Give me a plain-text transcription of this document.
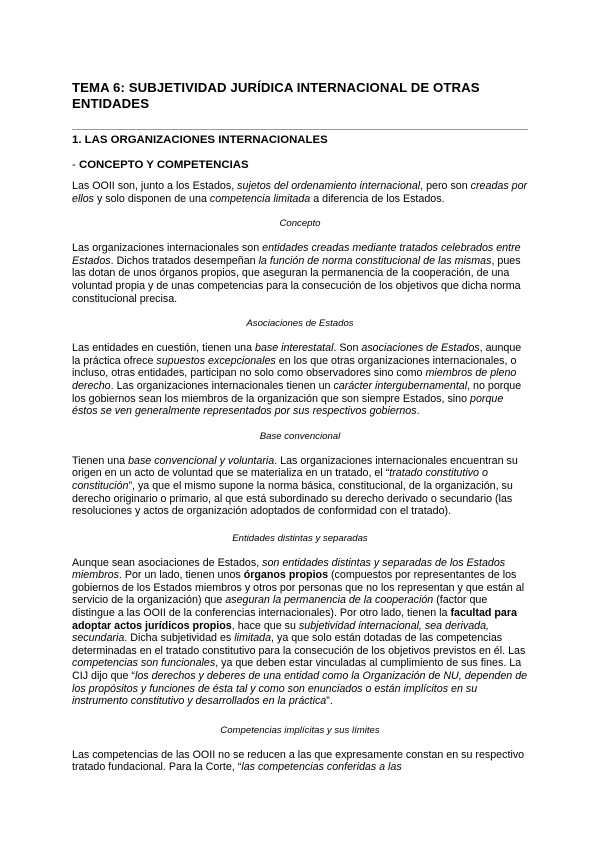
TEMA 6: SUBJETIVIDAD JURÍDICA INTERNACIONAL DE OTRAS ENTIDADES
1. LAS ORGANIZACIONES INTERNACIONALES
- CONCEPTO Y COMPETENCIAS

Las OOII son, junto a los Estados, sujetos del ordenamiento internacional, pero son creadas por ellos y solo disponen de una competencia limitada a diferencia de los Estados.

Concepto

Las organizaciones internacionales son entidades creadas mediante tratados celebrados entre Estados. Dichos tratados desempeñan la función de norma constitucional de las mismas, pues las dotan de unos órganos propios, que aseguran la permanencia de la cooperación, de una voluntad propia y de unas competencias para la consecución de los objetivos que dicha norma constitucional precisa.

Asociaciones de Estados

Las entidades en cuestión, tienen una base interestatal. Son asociaciones de Estados, aunque la práctica ofrece supuestos excepcionales en los que otras organizaciones internacionales, o incluso, otras entidades, participan no solo como observadores sino como miembros de pleno derecho. Las organizaciones internacionales tienen un carácter intergubernamental, no porque los gobiernos sean los miembros de la organización que son siempre Estados, sino porque éstos se ven generalmente representados por sus respectivos gobiernos.

Base convencional

Tienen una base convencional y voluntaria. Las organizaciones internacionales encuentran su origen en un acto de voluntad que se materializa en un tratado, el “tratado constitutivo o constitución”, ya que el mismo supone la norma básica, constitucional, de la organización, su derecho originario o primario, al que está subordinado su derecho derivado o secundario (las resoluciones y actos de organización adoptados de conformidad con el tratado).

Entidades distintas y separadas

Aunque sean asociaciones de Estados, son entidades distintas y separadas de los Estados miembros. Por un lado, tienen unos órganos propios (compuestos por representantes de los gobiernos de los Estados miembros y otros por personas que no los representan y que están al servicio de la organización) que aseguran la permanencia de la cooperación (factor que distingue a las OOII de la conferencias internacionales). Por otro lado, tienen la facultad para adoptar actos jurídicos propios, hace que su subjetividad internacional, sea derivada, secundaria. Dicha subjetividad es limitada, ya que solo están dotadas de las competencias determinadas en el tratado constitutivo para la consecución de los objetivos previstos en él. Las competencias son funcionales, ya que deben estar vinculadas al cumplimiento de sus fines. La CIJ dijo que “los derechos y deberes de una entidad como la Organización de NU, dependen de los propósitos y funciones de ésta tal y como son enunciados o están implícitos en su instrumento constitutivo y desarrollados en la práctica”.

Competencias implícitas y sus límites

Las competencias de las OOII no se reducen a las que expresamente constan en su respectivo tratado fundacional. Para la Corte, “las competencias conferidas a las
